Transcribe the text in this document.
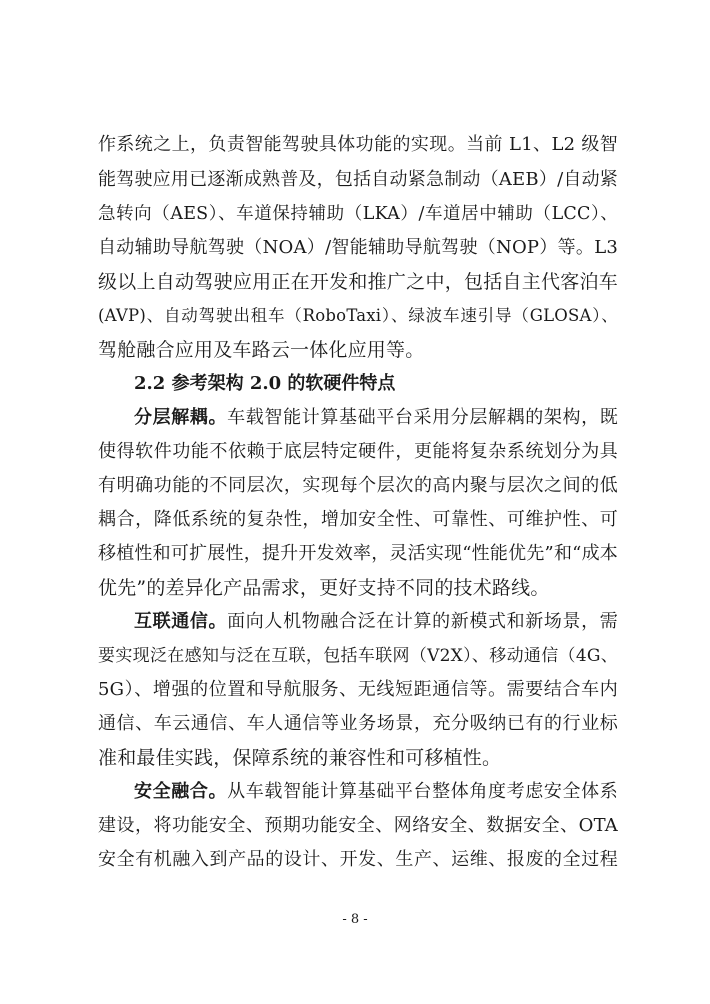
作系统之上，负责智能驾驶具体功能的实现。当前 L1、L2 级智
能驾驶应用已逐渐成熟普及，包括自动紧急制动（AEB）/自动紧
急转向（AES）、车道保持辅助（LKA）/车道居中辅助（LCC）、
自动辅助导航驾驶（NOA）/智能辅助导航驾驶（NOP）等。L3
级以上自动驾驶应用正在开发和推广之中，包括自主代客泊车
(AVP)、自动驾驶出租车（RoboTaxi）、绿波车速引导（GLOSA）、
驾舱融合应用及车路云一体化应用等。
2.2 参考架构 2.0 的软硬件特点
分层解耦。车载智能计算基础平台采用分层解耦的架构，既
使得软件功能不依赖于底层特定硬件，更能将复杂系统划分为具
有明确功能的不同层次，实现每个层次的高内聚与层次之间的低
耦合，降低系统的复杂性，增加安全性、可靠性、可维护性、可
移植性和可扩展性，提升开发效率，灵活实现“性能优先”和“成本
优先”的差异化产品需求，更好支持不同的技术路线。
互联通信。面向人机物融合泛在计算的新模式和新场景，需
要实现泛在感知与泛在互联，包括车联网（V2X）、移动通信（4G、
5G）、增强的位置和导航服务、无线短距通信等。需要结合车内
通信、车云通信、车人通信等业务场景，充分吸纳已有的行业标
准和最佳实践，保障系统的兼容性和可移植性。
安全融合。从车载智能计算基础平台整体角度考虑安全体系
建设，将功能安全、预期功能安全、网络安全、数据安全、OTA
安全有机融入到产品的设计、开发、生产、运维、报废的全过程
- 8 -
